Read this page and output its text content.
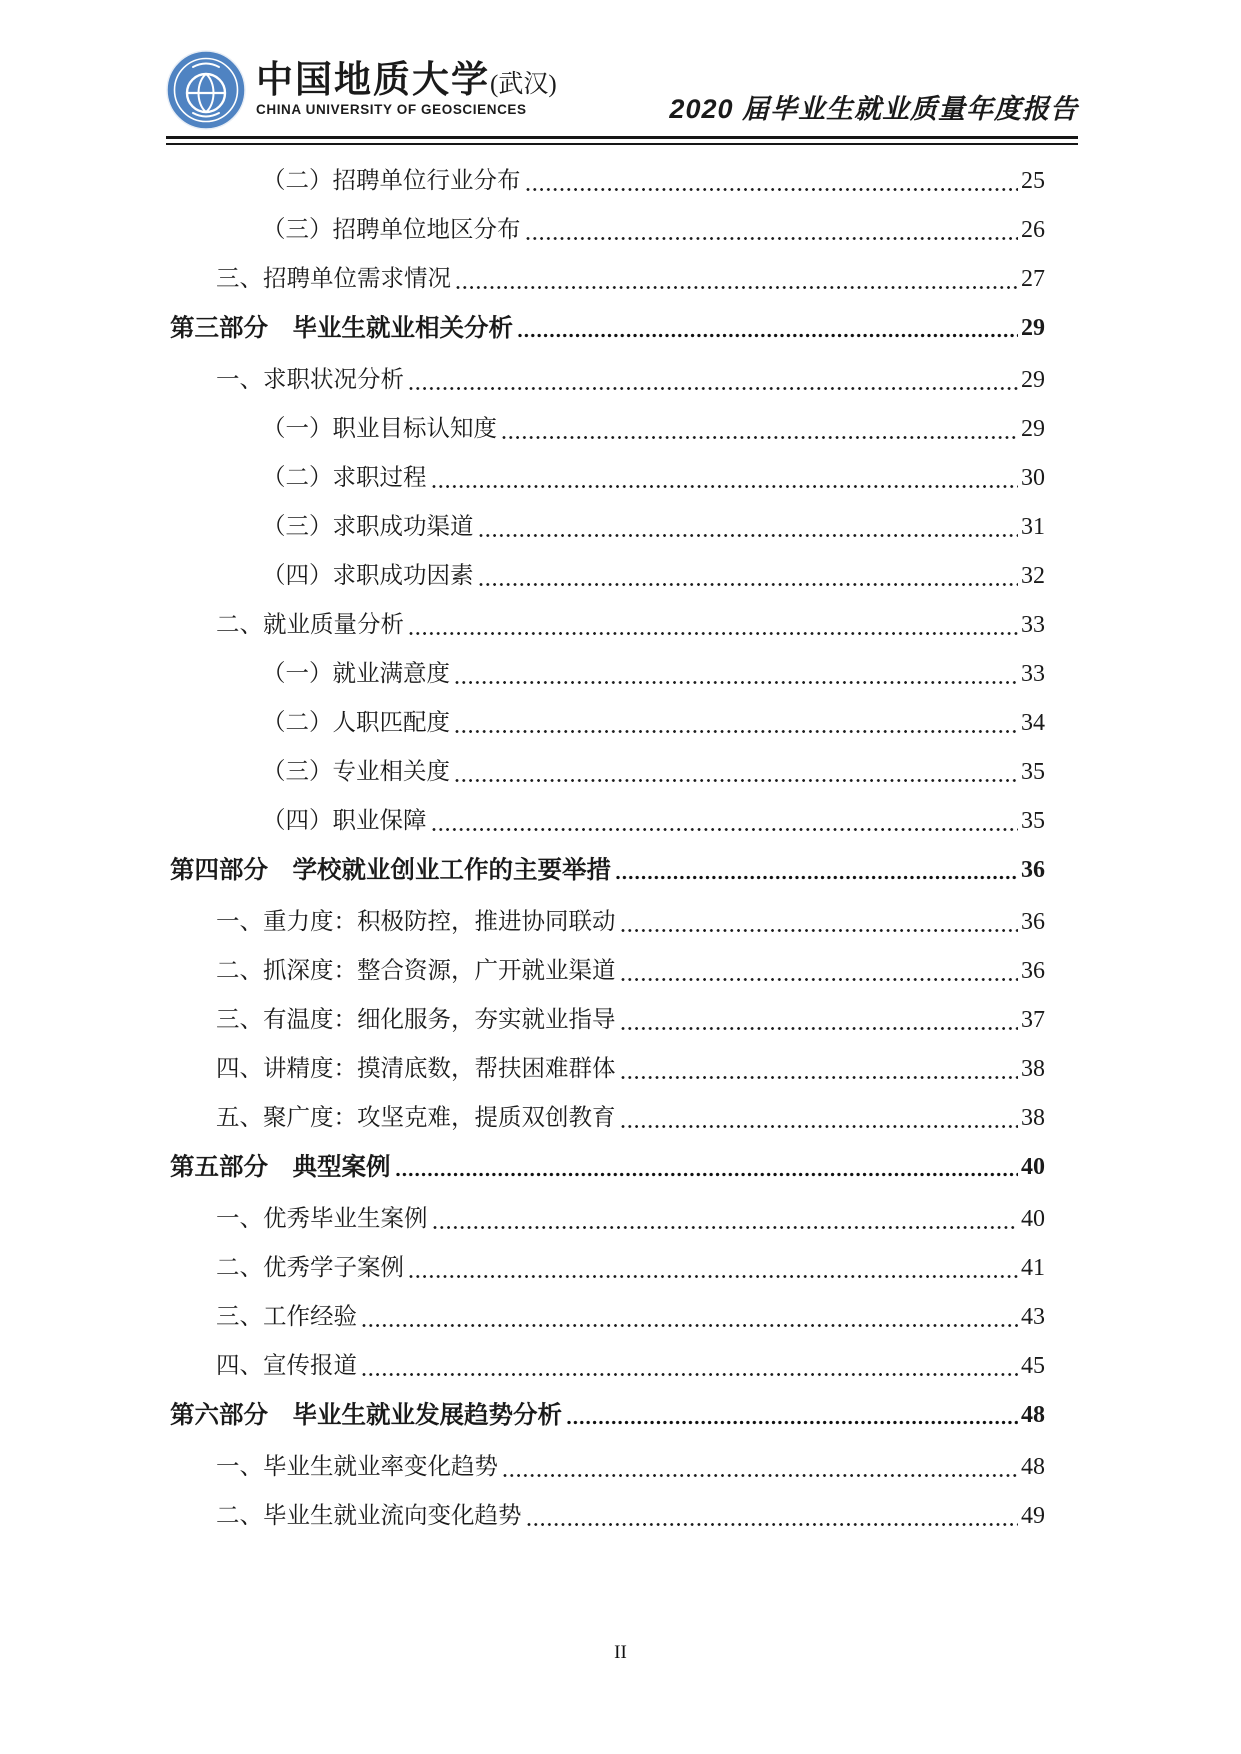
中国地质大学(武汉)
CHINA UNIVERSITY OF GEOSCIENCES	2020 届毕业生就业质量年度报告
（二）招聘单位行业分布	25
（三）招聘单位地区分布	26
三、招聘单位需求情况	27
第三部分　毕业生就业相关分析	29
一、求职状况分析	29
（一）职业目标认知度	29
（二）求职过程	30
（三）求职成功渠道	31
（四）求职成功因素	32
二、就业质量分析	33
（一）就业满意度	33
（二）人职匹配度	34
（三）专业相关度	35
（四）职业保障	35
第四部分　学校就业创业工作的主要举措	36
一、重力度：积极防控，推进协同联动	36
二、抓深度：整合资源，广开就业渠道	36
三、有温度：细化服务，夯实就业指导	37
四、讲精度：摸清底数，帮扶困难群体	38
五、聚广度：攻坚克难，提质双创教育	38
第五部分　典型案例	40
一、优秀毕业生案例	40
二、优秀学子案例	41
三、工作经验	43
四、宣传报道	45
第六部分　毕业生就业发展趋势分析	48
一、毕业生就业率变化趋势	48
二、毕业生就业流向变化趋势	49
II
